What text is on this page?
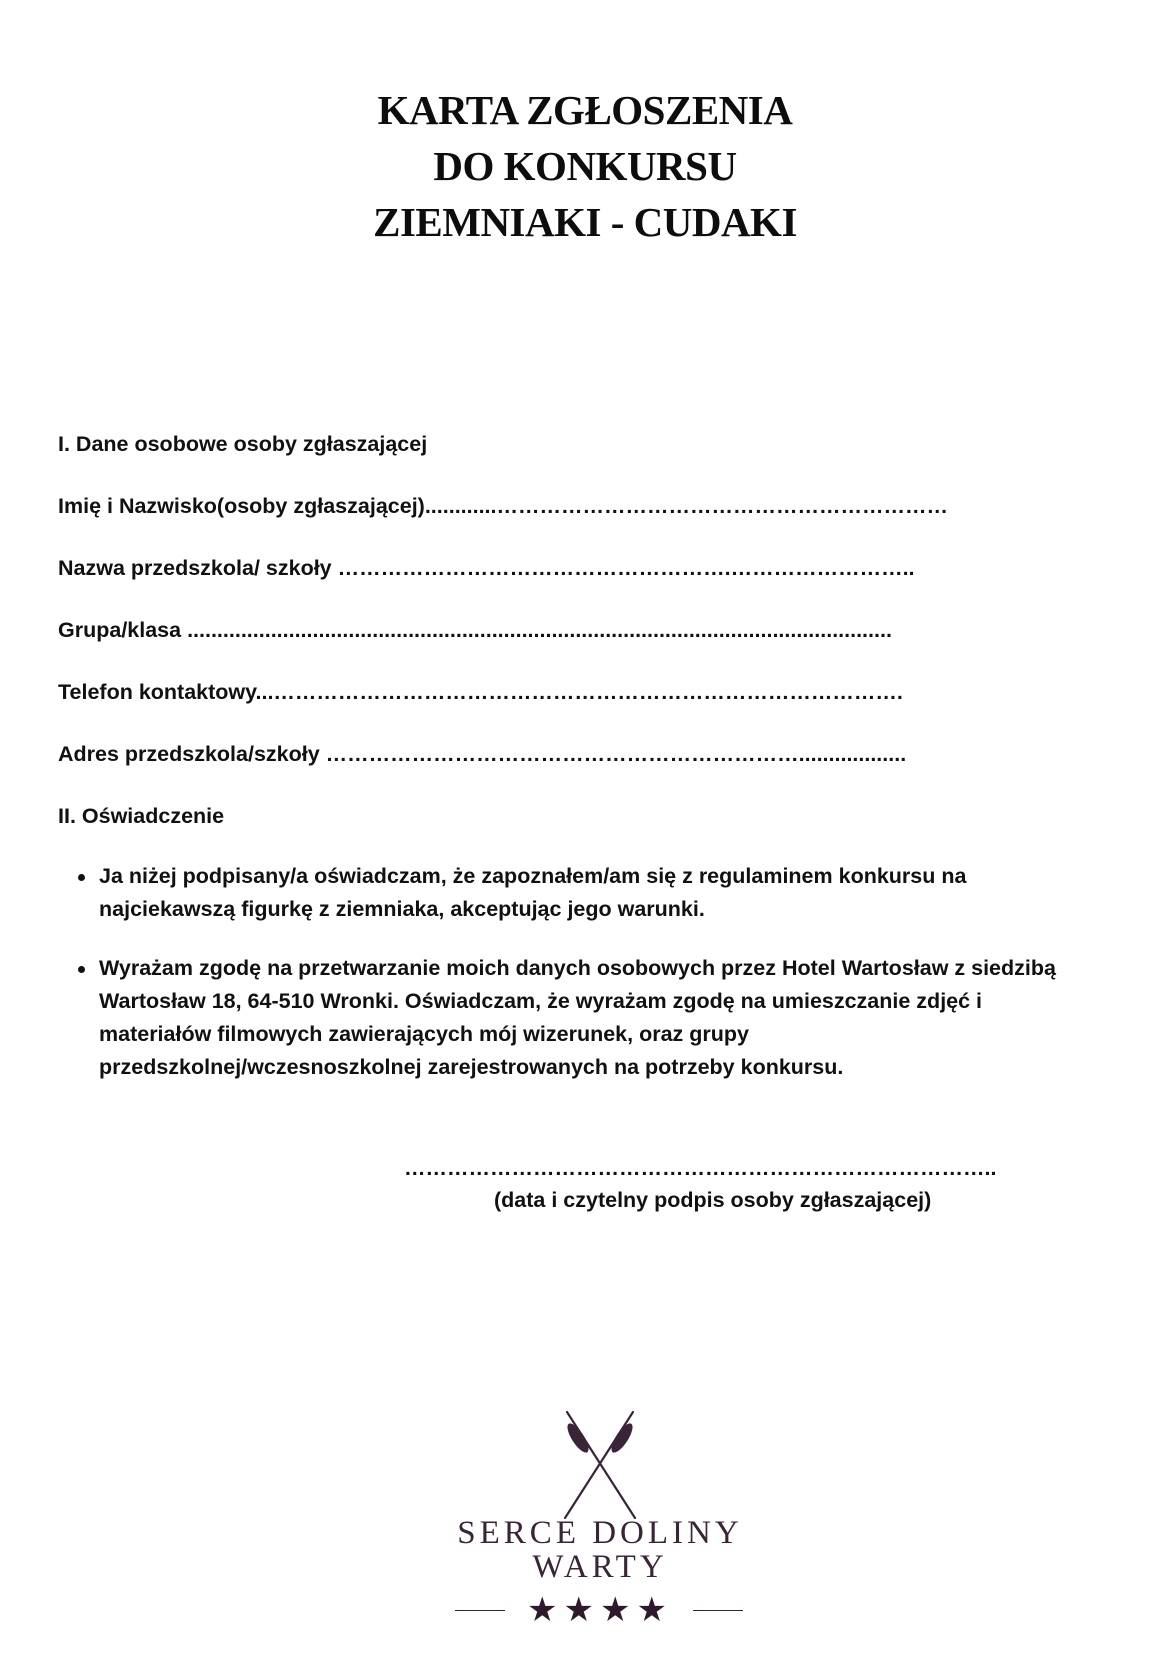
KARTA ZGŁOSZENIA
DO KONKURSU
ZIEMNIAKI - CUDAKI
I. Dane osobowe osoby zgłaszającej
Imię i Nazwisko(osoby zgłaszającej)............………………………………………………………
Nazwa przedszkola/ szkoły ……………………………………………….……………………..
Grupa/klasa ......................................................................................................................
Telefon kontaktowy...…………………………………………………………………………….
Adres przedszkola/szkoły …………………………………………………………..................
II. Oświadczenie
Ja niżej podpisany/a oświadczam, że zapoznałem/am się z regulaminem konkursu na najciekawszą figurkę z ziemniaka, akceptując jego warunki.
Wyrażam zgodę na przetwarzanie moich danych osobowych przez Hotel Wartosław z siedzibą Wartosław 18, 64-510 Wronki. Oświadczam, że wyrażam zgodę na umieszczanie zdjęć i materiałów filmowych zawierających mój wizerunek, oraz grupy przedszkolnej/wczesnoszkolnej zarejestrowanych na potrzeby konkursu.
………………………………………………………………………..
(data i czytelny podpis osoby zgłaszającej)
SERCE DOLINY
WARTY
★★★★
